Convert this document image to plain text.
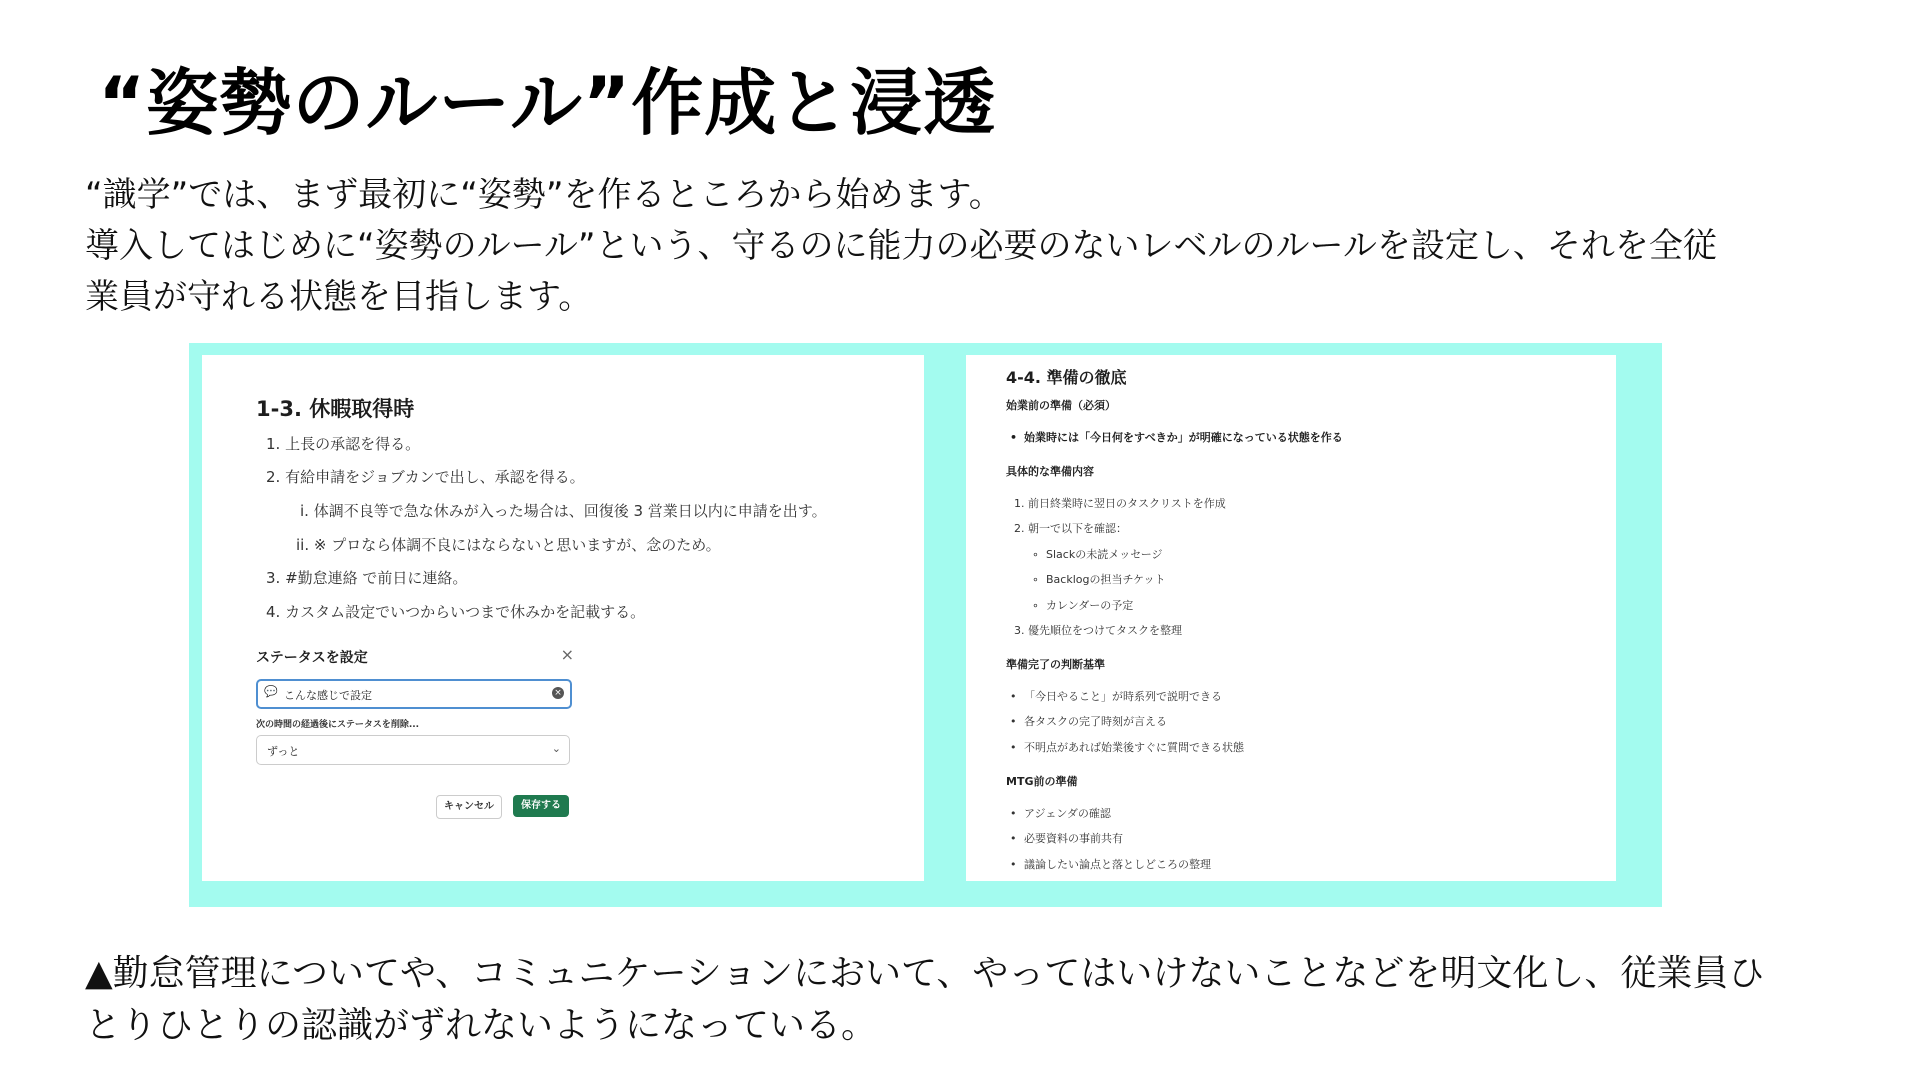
“姿勢のルール”作成と浸透
“識学”では、まず最初に“姿勢”を作るところから始めます。
導入してはじめに“姿勢のルール”という、守るのに能力の必要のないレベルのルールを設定し、それを全従
業員が守れる状態を目指します。
1-3. 休暇取得時
1. 上長の承認を得る。
2. 有給申請をジョブカンで出し、承認を得る。
i. 体調不良等で急な休みが入った場合は、回復後 3 営業日以内に申請を出す。
ii. ※ プロなら体調不良にはならないと思いますが、念のため。
3. #勤怠連絡 で前日に連絡。
4. カスタム設定でいつからいつまで休みかを記載する。
ステータスを設定	×
💬 こんな感じで設定	×
次の時間の経過後にステータスを削除...
ずっと	⌄
キャンセル	保存する
4-4. 準備の徹底
始業前の準備（必須）
• 始業時には「今日何をすべきか」が明確になっている状態を作る
具体的な準備内容
1. 前日終業時に翌日のタスクリストを作成
2. 朝一で以下を確認：
∘ Slackの未読メッセージ
∘ Backlogの担当チケット
∘ カレンダーの予定
3. 優先順位をつけてタスクを整理
準備完了の判断基準
• 「今日やること」が時系列で説明できる
• 各タスクの完了時刻が言える
• 不明点があれば始業後すぐに質問できる状態
MTG前の準備
• アジェンダの確認
• 必要資料の事前共有
• 議論したい論点と落としどころの整理
▲勤怠管理についてや、コミュニケーションにおいて、やってはいけないことなどを明文化し、従業員ひ
とりひとりの認識がずれないようになっている。
